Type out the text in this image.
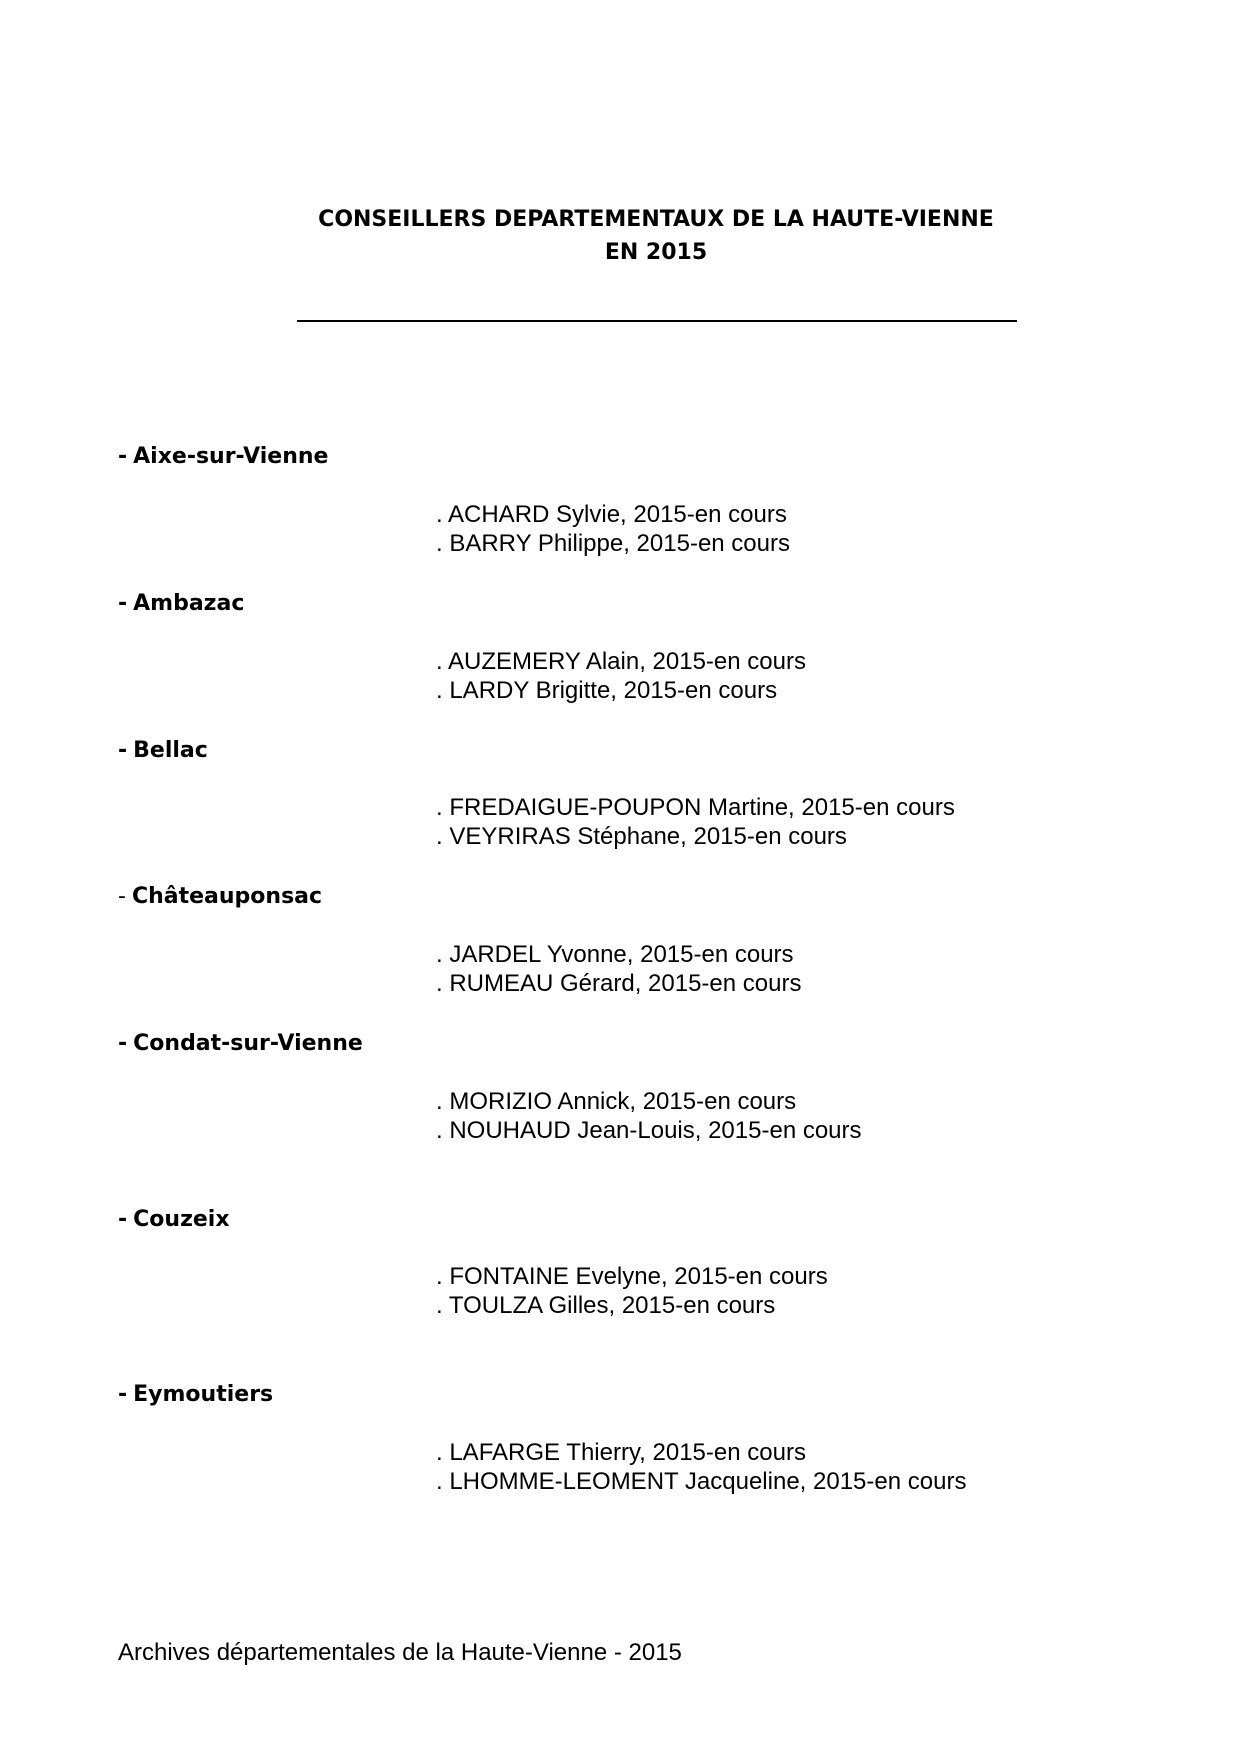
CONSEILLERS DEPARTEMENTAUX DE LA HAUTE-VIENNE
EN 2015
- Aixe-sur-Vienne
. ACHARD Sylvie, 2015-en cours
. BARRY Philippe, 2015-en cours
- Ambazac
. AUZEMERY Alain, 2015-en cours
. LARDY Brigitte, 2015-en cours
- Bellac
. FREDAIGUE-POUPON Martine, 2015-en cours
. VEYRIRAS Stéphane, 2015-en cours
- Châteauponsac
. JARDEL Yvonne, 2015-en cours
. RUMEAU Gérard, 2015-en cours
- Condat-sur-Vienne
. MORIZIO Annick, 2015-en cours
. NOUHAUD Jean-Louis, 2015-en cours
- Couzeix
. FONTAINE Evelyne, 2015-en cours
. TOULZA Gilles, 2015-en cours
- Eymoutiers
. LAFARGE Thierry, 2015-en cours
. LHOMME-LEOMENT Jacqueline, 2015-en cours
Archives départementales de la Haute-Vienne - 2015
